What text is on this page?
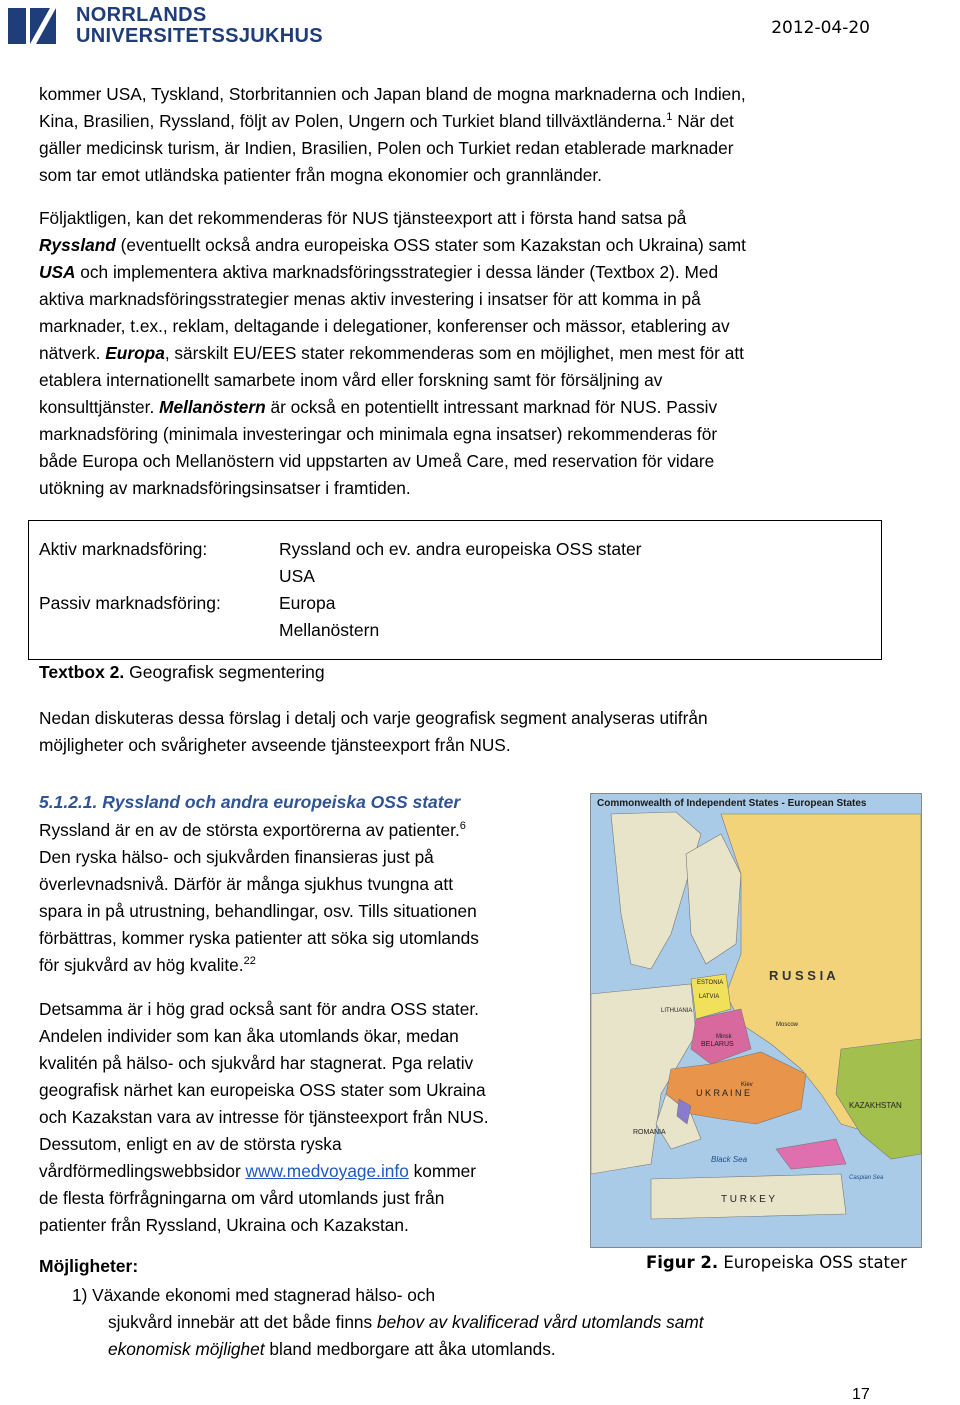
NORRLANDS
UNIVERSITETSSJUKHUS	2012-04-20
kommer USA, Tyskland, Storbritannien och Japan bland de mogna marknaderna och Indien,
Kina, Brasilien, Ryssland, följt av Polen, Ungern och Turkiet bland tillväxtländerna.$^1$ När det
gäller medicinsk turism, är Indien, Brasilien, Polen och Turkiet redan etablerade marknader
som tar emot utländska patienter från mogna ekonomier och grannländer.
Följaktligen, kan det rekommenderas för NUS tjänsteexport att i första hand satsa på
Ryssland (eventuellt också andra europeiska OSS stater som Kazakstan och Ukraina) samt
USA och implementera aktiva marknadsföringsstrategier i dessa länder (Textbox 2). Med
aktiva marknadsföringsstrategier menas aktiv investering i insatser för att komma in på
marknader, t.ex., reklam, deltagande i delegationer, konferenser och mässor, etablering av
nätverk. Europa, särskilt EU/EES stater rekommenderas som en möjlighet, men mest för att
etablera internationellt samarbete inom vård eller forskning samt för försäljning av
konsulttjänster. Mellanöstern är också en potentiellt intressant marknad för NUS. Passiv
marknadsföring (minimala investeringar och minimala egna insatser) rekommenderas för
både Europa och Mellanöstern vid uppstarten av Umeå Care, med reservation för vidare
utökning av marknadsföringsinsatser i framtiden.
Aktiv marknadsföring:	Ryssland och ev. andra europeiska OSS stater
USA
Passiv marknadsföring:	Europa
Mellanöstern
Textbox 2. Geografisk segmentering
Nedan diskuteras dessa förslag i detalj och varje geografisk segment analyseras utifrån
möjligheter och svårigheter avseende tjänsteexport från NUS.
5.1.2.1. Ryssland och andra europeiska OSS stater
Ryssland är en av de största exportörerna av patienter.$^6$
Den ryska hälso- och sjukvården finansieras just på
överlevnadsnivå. Därför är många sjukhus tvungna att
spara in på utrustning, behandlingar, osv. Tills situationen
förbättras, kommer ryska patienter att söka sig utomlands
för sjukvård av hög kvalite.$^{22}$
Detsamma är i hög grad också sant för andra OSS stater.
Andelen individer som kan åka utomlands ökar, medan
kvalitén på hälso- och sjukvård har stagnerat. Pga relativ
geografisk närhet kan europeiska OSS stater som Ukraina
och Kazakstan vara av intresse för tjänsteexport från NUS.
Dessutom, enligt en av de största ryska
vårdförmedlingswebbsidor www.medvoyage.info kommer
de flesta förfrågningarna om vård utomlands just från
patienter från Ryssland, Ukraina och Kazakstan.
Commonwealth of Independent States - European States
R U S S I A
KAZAKHSTAN
U K R A I N E
BELARUS
Minsk
Kiev
Moscow
ESTONIA
LATVIA
LITHUANIA
ROMANIA
Black Sea
Caspian Sea
T U R K E Y
Figur 2. Europeiska OSS stater
Möjligheter:
1) Växande ekonomi med stagnerad hälso- och
sjukvård innebär att det både finns behov av kvalificerad vård utomlands samt
ekonomisk möjlighet bland medborgare att åka utomlands.
17
